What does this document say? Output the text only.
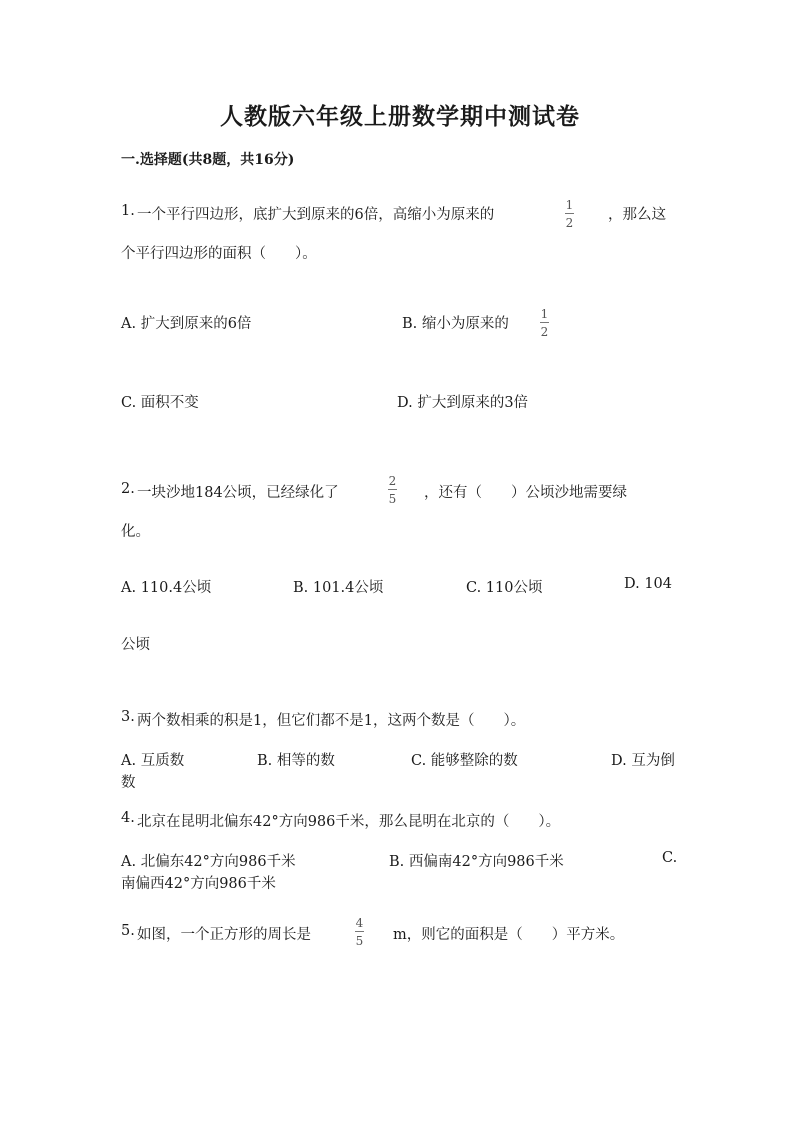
人教版六年级上册数学期中测试卷
一.选择题(共8题，共16分)
1. 一个平行四边形，底扩大到原来的6倍，高缩小为原来的
1
2 ，那么这
个平行四边形的面积（　　）。
A. 扩大到原来的6倍	B. 缩小为原来的
1
2
C. 面积不变	D. 扩大到原来的3倍
2. 一块沙地184公顷，已经绿化了
2
5 ，还有（　　）公顷沙地需要绿
化。
A. 110.4公顷	B. 101.4公顷	C. 110公顷	D. 104
公顷
3. 两个数相乘的积是1，但它们都不是1，这两个数是（　　）。
A. 互质数	B. 相等的数	C. 能够整除的数	D. 互为倒
数
4. 北京在昆明北偏东42°方向986千米，那么昆明在北京的（　　）。
A. 北偏东42°方向986千米	B. 西偏南42°方向986千米	C.
南偏西42°方向986千米
5. 如图，一个正方形的周长是
4
5 m，则它的面积是（　　）平方米。
